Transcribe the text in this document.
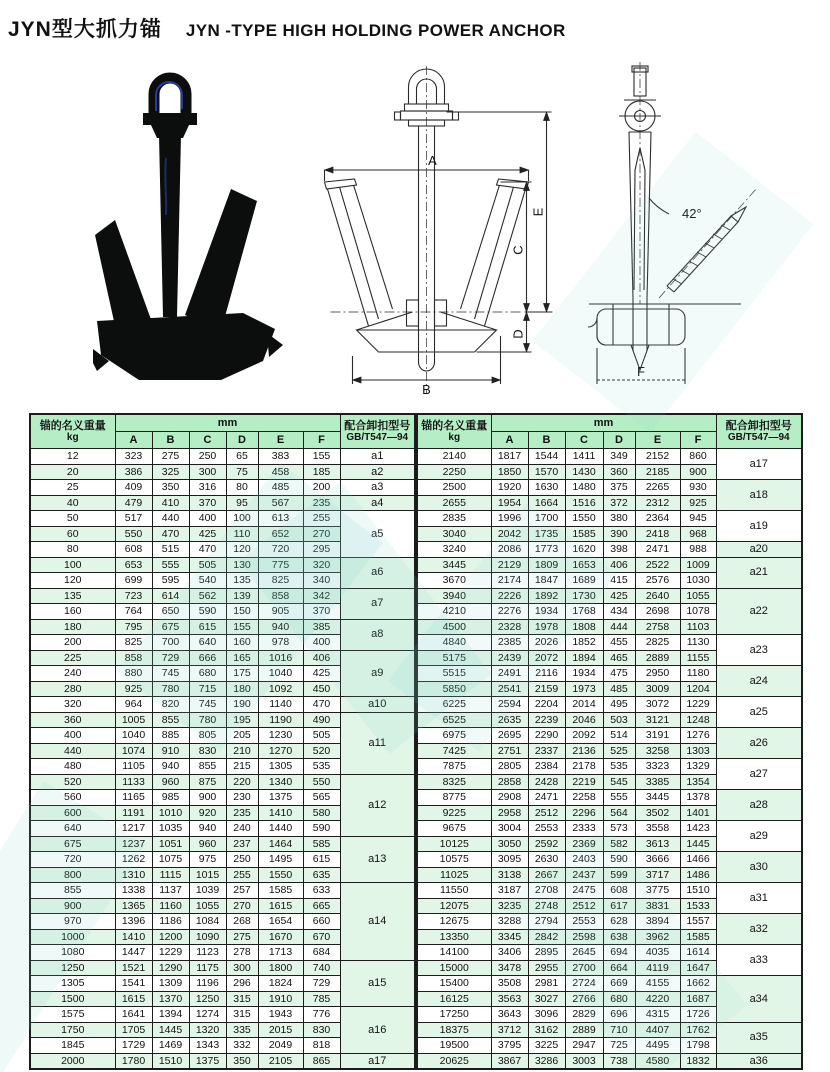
JYN型大抓力锚 JYN -TYPE HIGH HOLDING POWER ANCHOR
A
B
C
D
E	42°
F
锚的名义重量
kg
	mm	配合卸扣型号
GB/T547—94

	A	B	C	D	E	F	
12	323	275	250	65	383	155	a1
20	386	325	300	75	458	185	a2
25	409	350	316	80	485	200	a3
40	479	410	370	95	567	235	a4
50	517	440	400	100	613	255	a5
60	550	470	425	110	652	270	
80	608	515	470	120	720	295	
100	653	555	505	130	775	320	a6
120	699	595	540	135	825	340	
135	723	614	562	139	858	342	a7
160	764	650	590	150	905	370	
180	795	675	615	155	940	385	a8
200	825	700	640	160	978	400	
225	858	729	666	165	1016	406	a9
240	880	745	680	175	1040	425	
280	925	780	715	180	1092	450	
320	964	820	745	190	1140	470	a10
360	1005	855	780	195	1190	490	a11
400	1040	885	805	205	1230	505	
440	1074	910	830	210	1270	520	
480	1105	940	855	215	1305	535	
520	1133	960	875	220	1340	550	a12
560	1165	985	900	230	1375	565	
600	1191	1010	920	235	1410	580	
640	1217	1035	940	240	1440	590	
675	1237	1051	960	237	1464	585	a13
720	1262	1075	975	250	1495	615	
800	1310	1115	1015	255	1550	635	
855	1338	1137	1039	257	1585	633	a14
900	1365	1160	1055	270	1615	665	
970	1396	1186	1084	268	1654	660	
1000	1410	1200	1090	275	1670	670	
1080	1447	1229	1123	278	1713	684	
1250	1521	1290	1175	300	1800	740	a15
1305	1541	1309	1196	296	1824	729	
1500	1615	1370	1250	315	1910	785	
1575	1641	1394	1274	315	1943	776	a16
1750	1705	1445	1320	335	2015	830	
1845	1729	1469	1343	332	2049	818	
2000	1780	1510	1375	350	2105	865	a17
锚的名义重量
kg
	mm	配合卸扣型号
GB/T547—94

	A	B	C	D	E	F	
2140	1817	1544	1411	349	2152	860	a17
2250	1850	1570	1430	360	2185	900	
2500	1920	1630	1480	375	2265	930	a18
2655	1954	1664	1516	372	2312	925	
2835	1996	1700	1550	380	2364	945	a19
3040	2042	1735	1585	390	2418	968	
3240	2086	1773	1620	398	2471	988	a20
3445	2129	1809	1653	406	2522	1009	a21
3670	2174	1847	1689	415	2576	1030	
3940	2226	1892	1730	425	2640	1055	a22
4210	2276	1934	1768	434	2698	1078	
4500	2328	1978	1808	444	2758	1103	
4840	2385	2026	1852	455	2825	1130	a23
5175	2439	2072	1894	465	2889	1155	
5515	2491	2116	1934	475	2950	1180	a24
5850	2541	2159	1973	485	3009	1204	
6225	2594	2204	2014	495	3072	1229	a25
6525	2635	2239	2046	503	3121	1248	
6975	2695	2290	2092	514	3191	1276	a26
7425	2751	2337	2136	525	3258	1303	
7875	2805	2384	2178	535	3323	1329	a27
8325	2858	2428	2219	545	3385	1354	
8775	2908	2471	2258	555	3445	1378	a28
9225	2958	2512	2296	564	3502	1401	
9675	3004	2553	2333	573	3558	1423	a29
10125	3050	2592	2369	582	3613	1445	
10575	3095	2630	2403	590	3666	1466	a30
11025	3138	2667	2437	599	3717	1486	
11550	3187	2708	2475	608	3775	1510	a31
12075	3235	2748	2512	617	3831	1533	
12675	3288	2794	2553	628	3894	1557	a32
13350	3345	2842	2598	638	3962	1585	
14100	3406	2895	2645	694	4035	1614	a33
15000	3478	2955	2700	664	4119	1647	
15400	3508	2981	2724	669	4155	1662	a34
16125	3563	3027	2766	680	4220	1687	
17250	3643	3096	2829	696	4315	1726	
18375	3712	3162	2889	710	4407	1762	a35
19500	3795	3225	2947	725	4495	1798	
20625	3867	3286	3003	738	4580	1832	a36
